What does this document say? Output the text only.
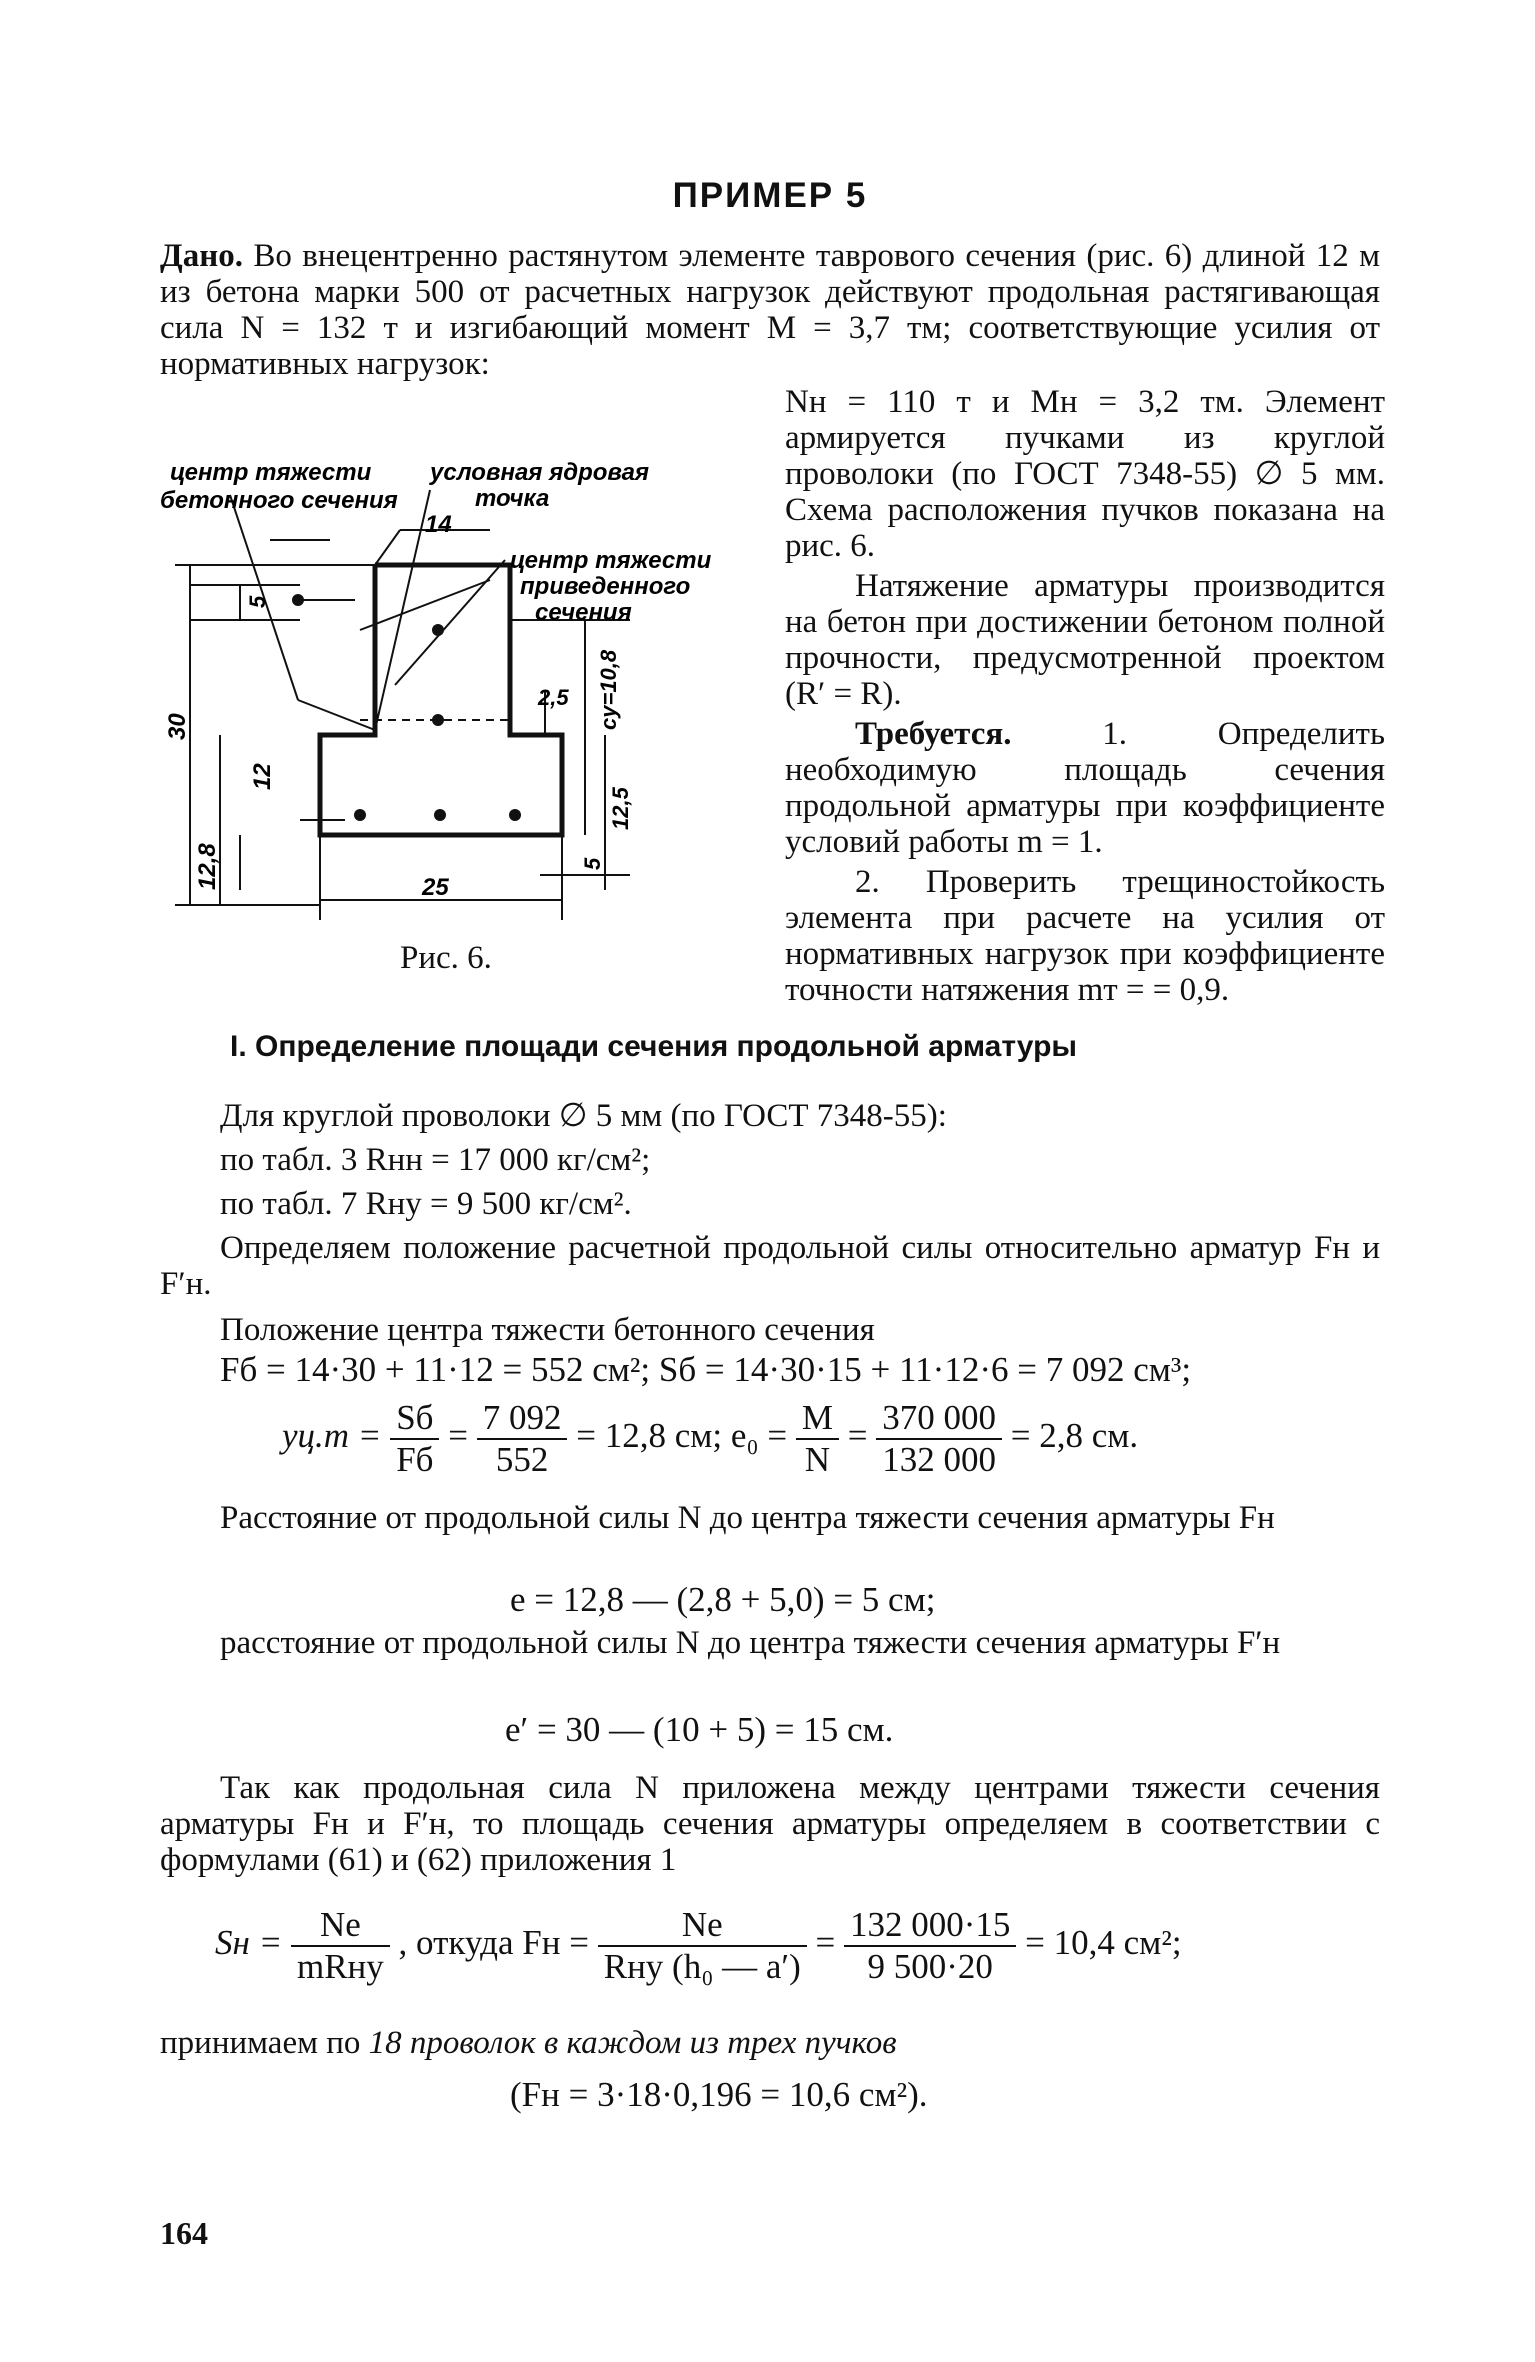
ПРИМЕР 5

Дано. Во внецентренно растянутом элементе таврового сечения (рис. 6) длиной 12 м из бетона марки 500 от расчетных нагрузок действуют продольная растягивающая сила N = 132 т и изгибающий момент M = 3,7 тм; соответствующие усилия от нормативных нагрузок:

Nн = 110 т и Mн = 3,2 тм. Элемент армируется пучками из круглой проволоки (по ГОСТ 7348-55) ∅ 5 мм. Схема расположения пучков показана на рис. 6.

Натяжение арматуры производится на бетон при достижении бетоном полной прочности, предусмотренной проектом (R′ = R).

Требуется.	1. Определить необходимую площадь сечения продольной арматуры при коэффициенте условий работы m = 1.

2. Проверить трещиностойкость элемента при расчете на усилия от нормативных нагрузок при коэффициенте точности натяжения mт = = 0,9.

центр тяжести
бетонного сечения
условная ядровая
точка
центр тяжести
приведенного
сечения
14
5
30
12,8
12
25
2,5 cу=10,8
12,5
5
Рис. 6.
I. Определение площади сечения продольной арматуры

Для круглой проволоки ∅ 5 мм (по ГОСТ 7348-55):

по табл. 3 Rнн = 17 000 кг/см²;

по табл. 7 Rну = 9 500 кг/см².

Определяем положение расчетной продольной силы относительно арматур Fн и F′н.

Положение центра тяжести бетонного сечения

Fб = 14·30 + 11·12 = 552 см²; Sб = 14·30·15 + 11·12·6 = 7 092 см³;
$yц.т = \frac{Sб}{Fб} = \frac{7 092}{552} = 12,8$ см; $e_0 = \frac{M}{N} = \frac{370 000}{132 000} = 2,8$ см.

Расстояние от продольной силы N до центра тяжести сечения арматуры Fн

e = 12,8 — (2,8 + 5,0) = 5 см;

расстояние от продольной силы N до центра тяжести сечения арматуры F′н

e′ = 30 — (10 + 5) = 15 см.

Так как продольная сила N приложена между центрами тяжести сечения арматуры Fн и F′н, то площадь сечения арматуры определяем в соответствии с формулами (61) и (62) приложения 1

Sн = $\frac{Ne}{\text{mRну}}$ , откуда Fн = $\frac{Ne}{\text{Rну (h₀ — a′)}} = \frac{132 000\cdot 15}{9 500\cdot 20} = 10,4$ см²;

принимаем по 18 проволок в каждом из трех пучков

(Fн = 3·18·0,196 = 10,6 см²).
164
